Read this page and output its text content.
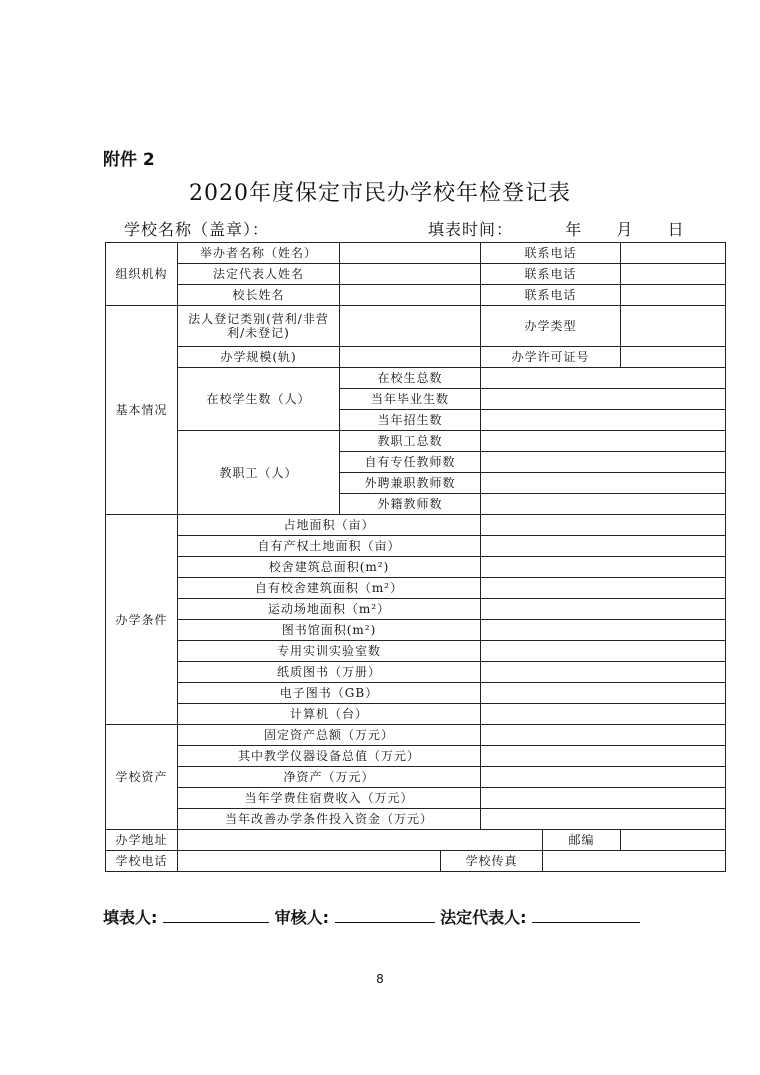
附件 2
2020年度保定市民办学校年检登记表
学校名称（盖章）：	填表时间：	年 月 日
组织机构	举办者名称（姓名）			联系电话		
	法定代表人姓名			联系电话		
	校长姓名			联系电话		
基本情况	法人登记类别(营利/非营利/未登记)			办学类型		
	办学规模(轨)			办学许可证号		
	在校学生数（人）	在校生总数				
		当年毕业生数				
		当年招生数				
	教职工（人）	教职工总数				
		自有专任教师数				
		外聘兼职教师数				
		外籍教师数				
办学条件	占地面积（亩）					
	自有产权土地面积（亩）					
	校舍建筑总面积(m²)					
	自有校舍建筑面积（m²）					
	运动场地面积（m²）					
	图书馆面积(m²)					
	专用实训实验室数					
	纸质图书（万册）					
	电子图书（GB）					
	计算机（台）					
学校资产	固定资产总额（万元）					
	其中教学仪器设备总值（万元）					
	净资产（万元）					
	当年学费住宿费收入（万元）					
	当年改善办学条件投入资金（万元）					
办学地址					邮编	
学校电话			学校传真			
填表人:	审核人:	法定代表人:
8
